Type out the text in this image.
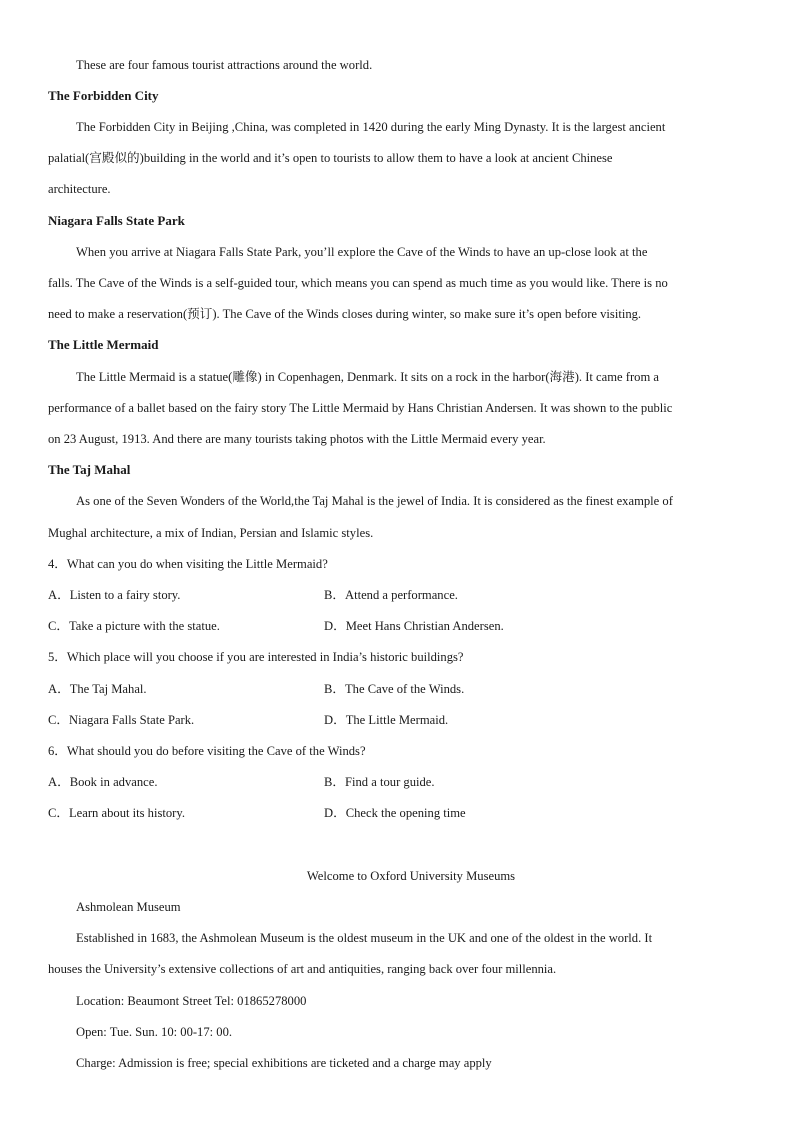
These are four famous tourist attractions around the world.
The Forbidden City
The Forbidden City in Beijing ,China, was completed in 1420 during the early Ming Dynasty. It is the largest ancient
palatial(宫殿似的)building in the world and it’s open to tourists to allow them to have a look at ancient Chinese
architecture.
Niagara Falls State Park
When you arrive at Niagara Falls State Park, you’ll explore the Cave of the Winds to have an up-close look at the
falls. The Cave of the Winds is a self-guided tour, which means you can spend as much time as you would like. There is no
need to make a reservation(预订). The Cave of the Winds closes during winter, so make sure it’s open before visiting.
The Little Mermaid
The Little Mermaid is a statue(雕像) in Copenhagen, Denmark. It sits on a rock in the harbor(海港). It came from a
performance of a ballet based on the fairy story The Little Mermaid by Hans Christian Andersen. It was shown to the public
on 23 August, 1913. And there are many tourists taking photos with the Little Mermaid every year.
The Taj Mahal
As one of the Seven Wonders of the World,the Taj Mahal is the jewel of India. It is considered as the finest example of
Mughal architecture, a mix of Indian, Persian and Islamic styles.
4．What can you do when visiting the Little Mermaid?
A．Listen to a fairy story.	B．Attend a performance.
C．Take a picture with the statue.	D．Meet Hans Christian Andersen.
5．Which place will you choose if you are interested in India’s historic buildings?
A．The Taj Mahal.	B．The Cave of the Winds.
C．Niagara Falls State Park.	D．The Little Mermaid.
6．What should you do before visiting the Cave of the Winds?
A．Book in advance.	B．Find a tour guide.
C．Learn about its history.	D．Check the opening time
Welcome to Oxford University Museums
Ashmolean Museum
Established in 1683, the Ashmolean Museum is the oldest museum in the UK and one of the oldest in the world. It
houses the University’s extensive collections of art and antiquities, ranging back over four millennia.
Location: Beaumont Street Tel: 01865278000
Open: Tue. Sun. 10: 00-17: 00.
Charge: Admission is free; special exhibitions are ticketed and a charge may apply
